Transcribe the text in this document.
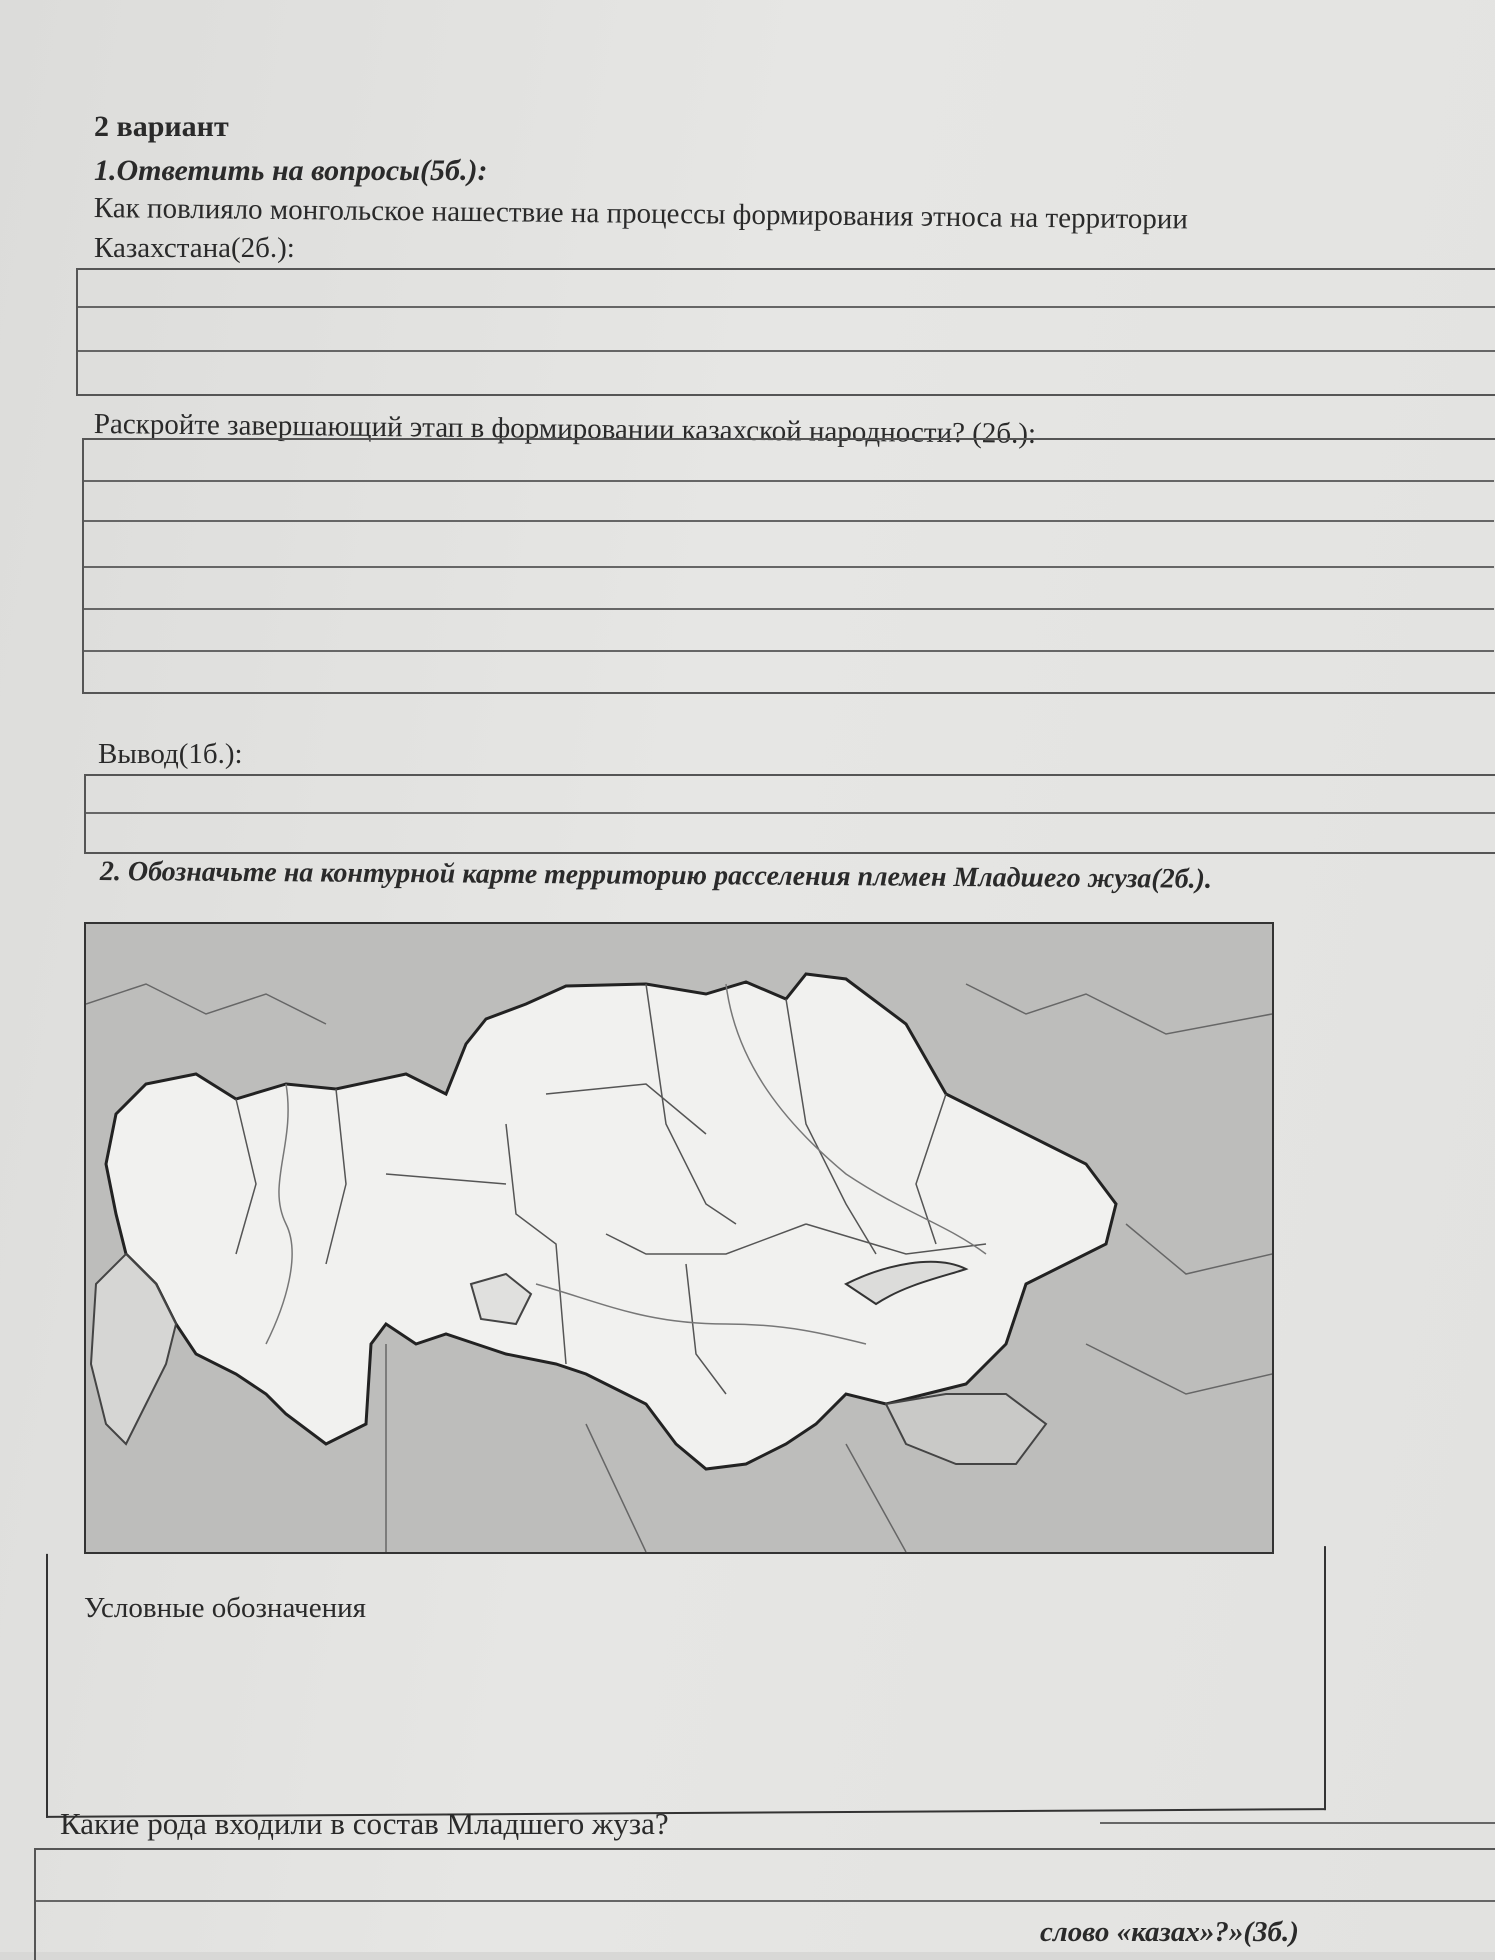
2 вариант
1.Ответить на вопросы(5б.):
Как повлияло монгольское нашествие на процессы формирования этноса на территории
Казахстана(2б.):
Раскройте завершающий этап в формировании казахской народности? (2б.):
Вывод(1б.):
2. Обозначьте на контурной карте территорию расселения племен Младшего жуза(2б.).
Условные обозначения
Какие рода входили в состав Младшего жуза?
слово «казах»?»(3б.)
